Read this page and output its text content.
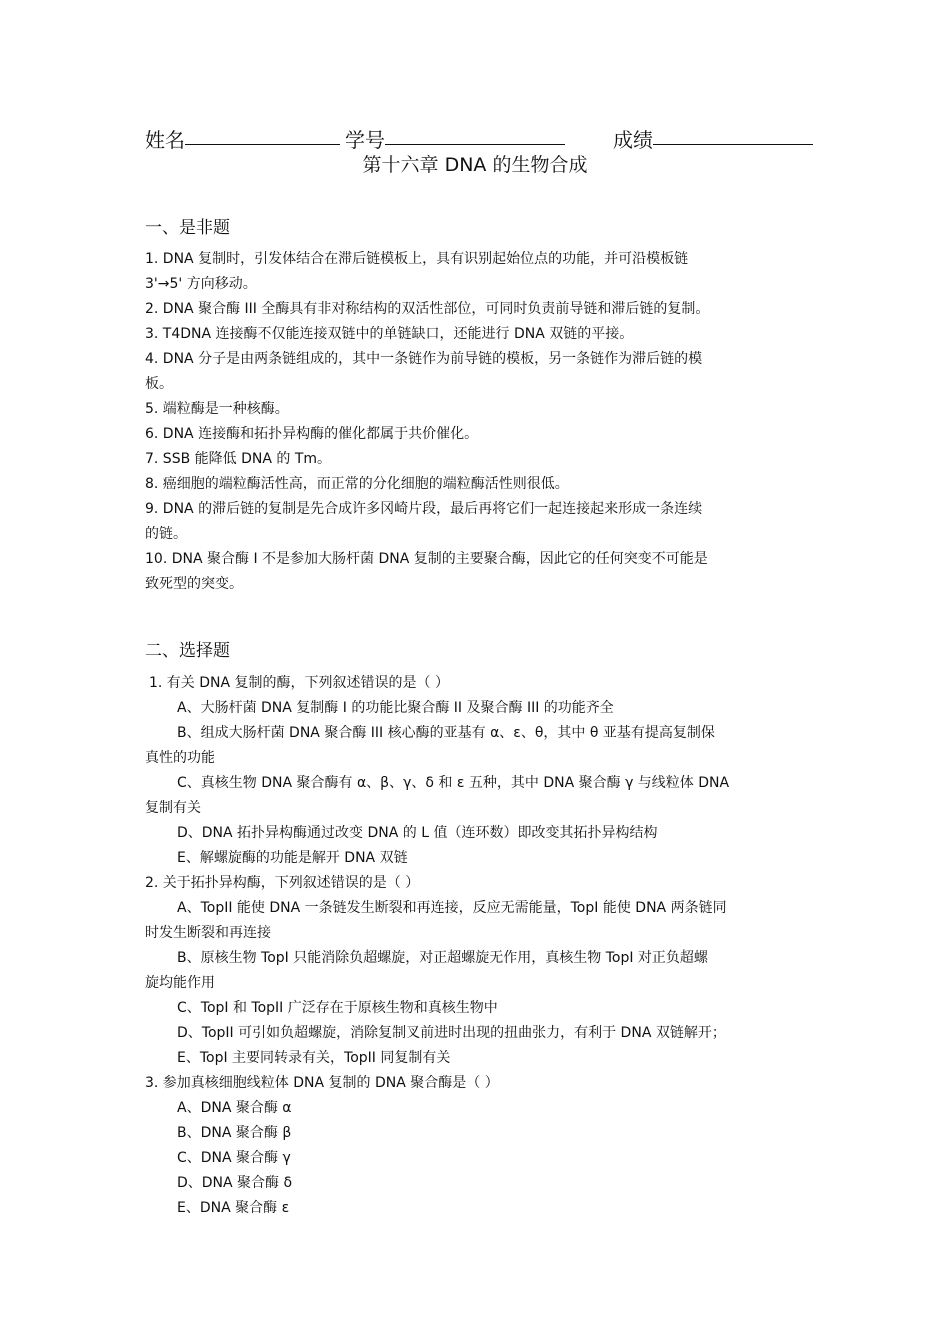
姓名	学号	成绩
第十六章 DNA 的生物合成
一、是非题
1. DNA 复制时，引发体结合在滞后链模板上，具有识别起始位点的功能，并可沿模板链
3'→5' 方向移动。
2. DNA 聚合酶 III 全酶具有非对称结构的双活性部位，可同时负责前导链和滞后链的复制。
3. T4DNA 连接酶不仅能连接双链中的单链缺口，还能进行 DNA 双链的平接。
4. DNA 分子是由两条链组成的，其中一条链作为前导链的模板，另一条链作为滞后链的模
板。
5. 端粒酶是一种核酶。
6. DNA 连接酶和拓扑异构酶的催化都属于共价催化。
7. SSB 能降低 DNA 的 Tm。
8. 癌细胞的端粒酶活性高，而正常的分化细胞的端粒酶活性则很低。
9. DNA 的滞后链的复制是先合成许多冈崎片段，最后再将它们一起连接起来形成一条连续
的链。
10. DNA 聚合酶 I 不是参加大肠杆菌 DNA 复制的主要聚合酶，因此它的任何突变不可能是
致死型的突变。
二、选择题
1. 有关 DNA 复制的酶，下列叙述错误的是（ ）
A、大肠杆菌 DNA 复制酶 I 的功能比聚合酶 II 及聚合酶 III 的功能齐全
B、组成大肠杆菌 DNA 聚合酶 III 核心酶的亚基有 α、ε、θ，其中 θ 亚基有提高复制保
真性的功能
C、真核生物 DNA 聚合酶有 α、β、γ、δ 和 ε 五种，其中 DNA 聚合酶 γ 与线粒体 DNA
复制有关
D、DNA 拓扑异构酶通过改变 DNA 的 L 值（连环数）即改变其拓扑异构结构
E、解螺旋酶的功能是解开 DNA 双链
2. 关于拓扑异构酶，下列叙述错误的是（ ）
A、TopII 能使 DNA 一条链发生断裂和再连接，反应无需能量，TopI 能使 DNA 两条链同
时发生断裂和再连接
B、原核生物 TopI 只能消除负超螺旋，对正超螺旋无作用，真核生物 TopI 对正负超螺
旋均能作用
C、TopI 和 TopII 广泛存在于原核生物和真核生物中
D、TopII 可引如负超螺旋，消除复制叉前进时出现的扭曲张力，有利于 DNA 双链解开；
E、TopI 主要同转录有关，TopII 同复制有关
3. 参加真核细胞线粒体 DNA 复制的 DNA 聚合酶是（ ）
A、DNA 聚合酶 α
B、DNA 聚合酶 β
C、DNA 聚合酶 γ
D、DNA 聚合酶 δ
E、DNA 聚合酶 ε
